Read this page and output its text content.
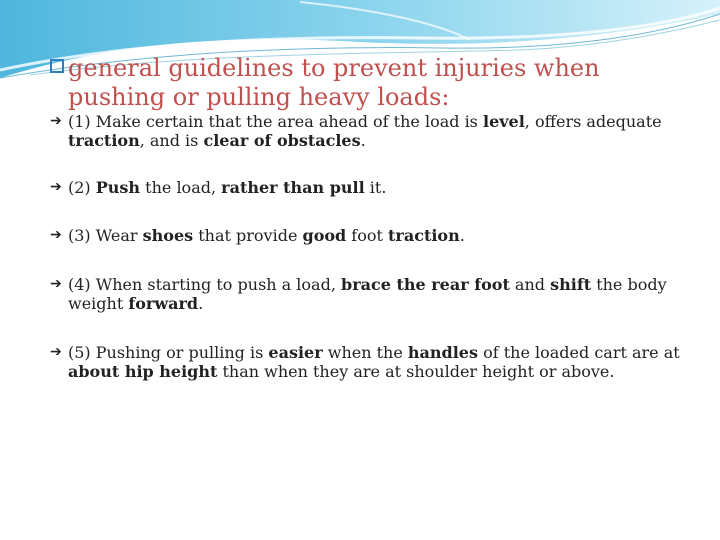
general guidelines to prevent injuries when
pushing or pulling heavy loads:
➔ (1) Make certain that the area ahead of the load is level, offers adequate traction, and is clear of obstacles.
➔ (2) Push the load, rather than pull it.
➔ (3) Wear shoes that provide good foot traction.
➔ (4) When starting to push a load, brace the rear foot and shift the body weight forward.
➔ (5) Pushing or pulling is easier when the handles of the loaded cart are at about hip height than when they are at shoulder height or above.
